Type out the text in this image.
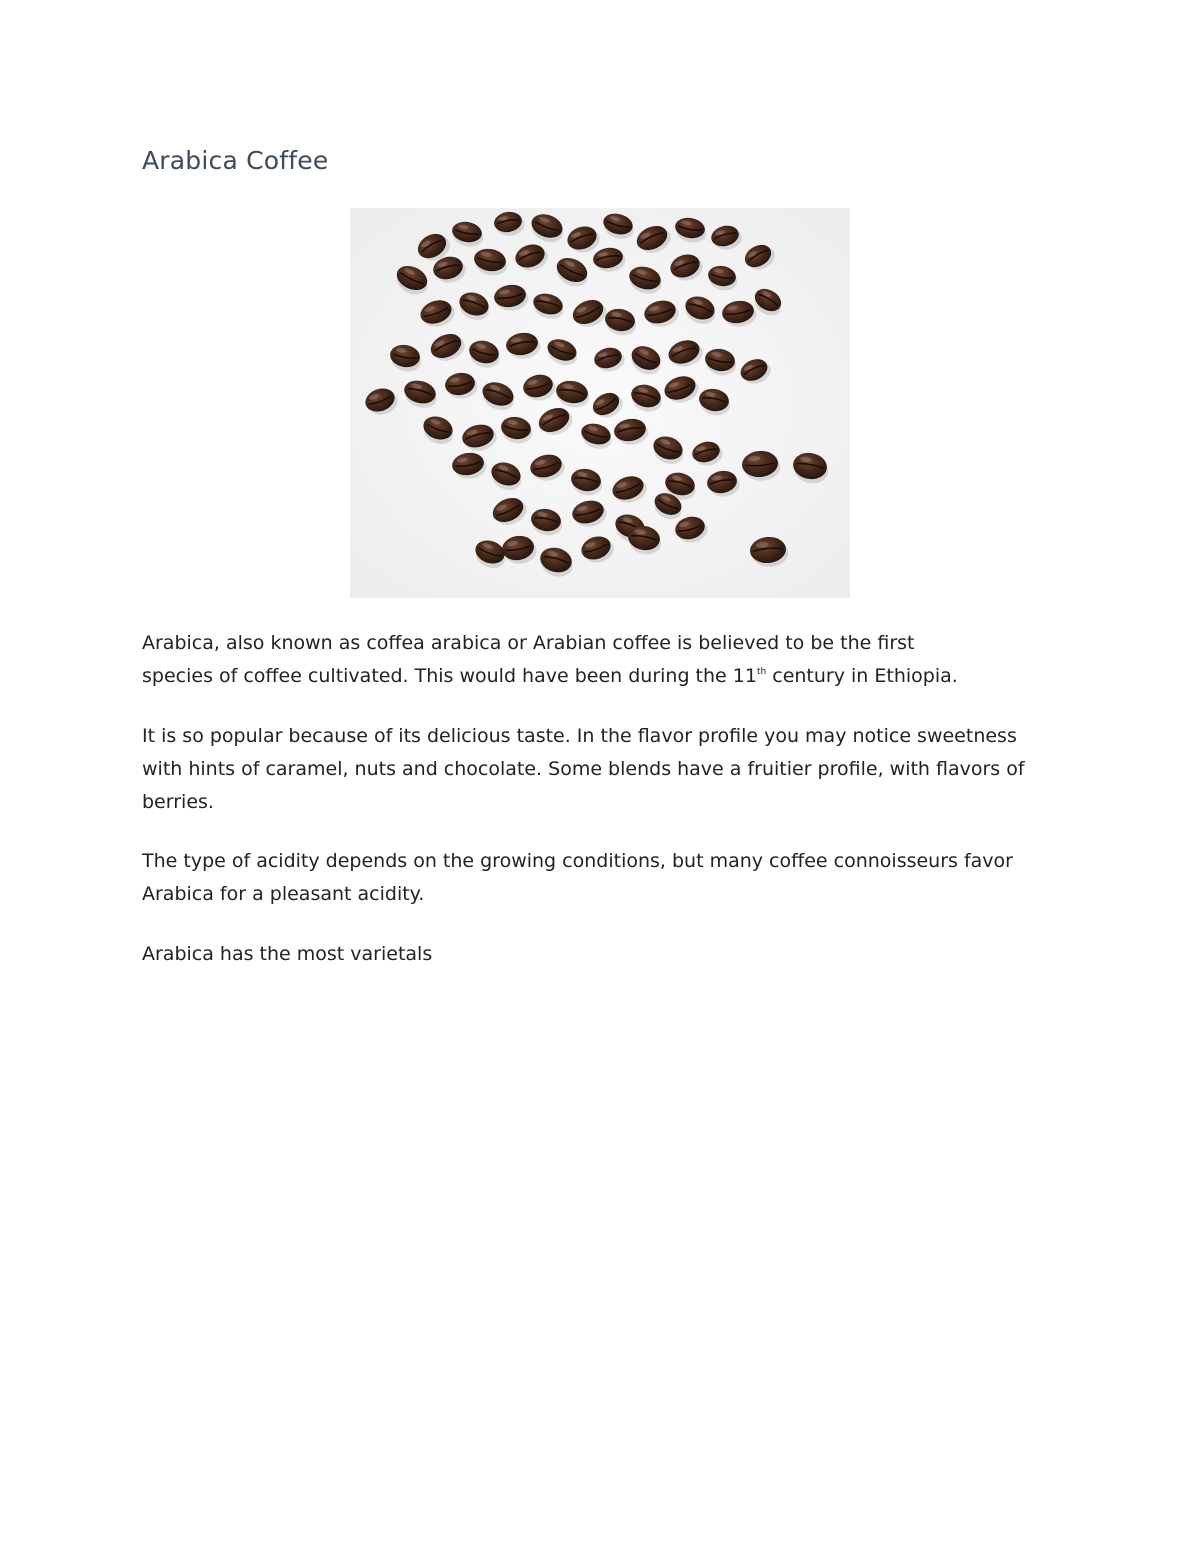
Arabica Coffee

Arabica, also known as coffea arabica or Arabian coffee is believed to be the first
species of coffee cultivated. This would have been during the 11th century in Ethiopia.

It is so popular because of its delicious taste. In the flavor profile you may notice sweetness with hints of caramel, nuts and chocolate. Some blends have a fruitier profile, with flavors of berries.

The type of acidity depends on the growing conditions, but many coffee connoisseurs favor Arabica for a pleasant acidity.

Arabica has the most varietals
